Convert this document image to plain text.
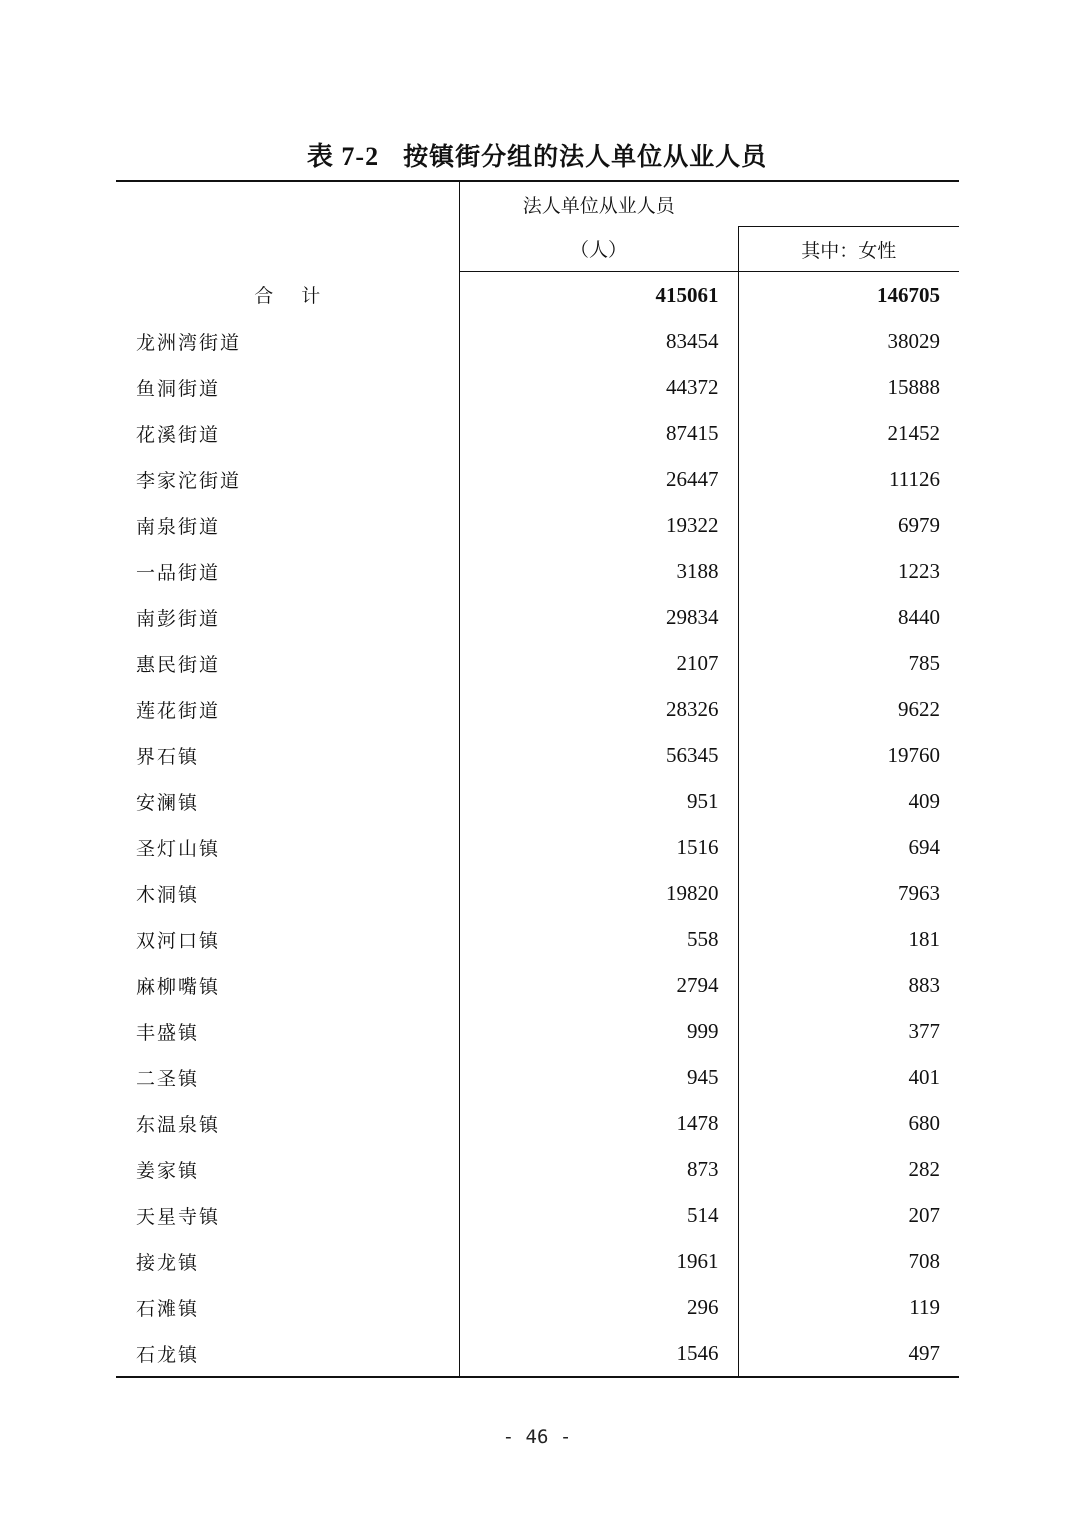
表 7-2 按镇街分组的法人单位从业人员
	法人单位从业人员	
	（人）	其中：女性
合 计	415061	146705
龙洲湾街道	83454	38029
鱼洞街道	44372	15888
花溪街道	87415	21452
李家沱街道	26447	11126
南泉街道	19322	6979
一品街道	3188	1223
南彭街道	29834	8440
惠民街道	2107	785
莲花街道	28326	9622
界石镇	56345	19760
安澜镇	951	409
圣灯山镇	1516	694
木洞镇	19820	7963
双河口镇	558	181
麻柳嘴镇	2794	883
丰盛镇	999	377
二圣镇	945	401
东温泉镇	1478	680
姜家镇	873	282
天星寺镇	514	207
接龙镇	1961	708
石滩镇	296	119
石龙镇	1546	497
- 46 -
